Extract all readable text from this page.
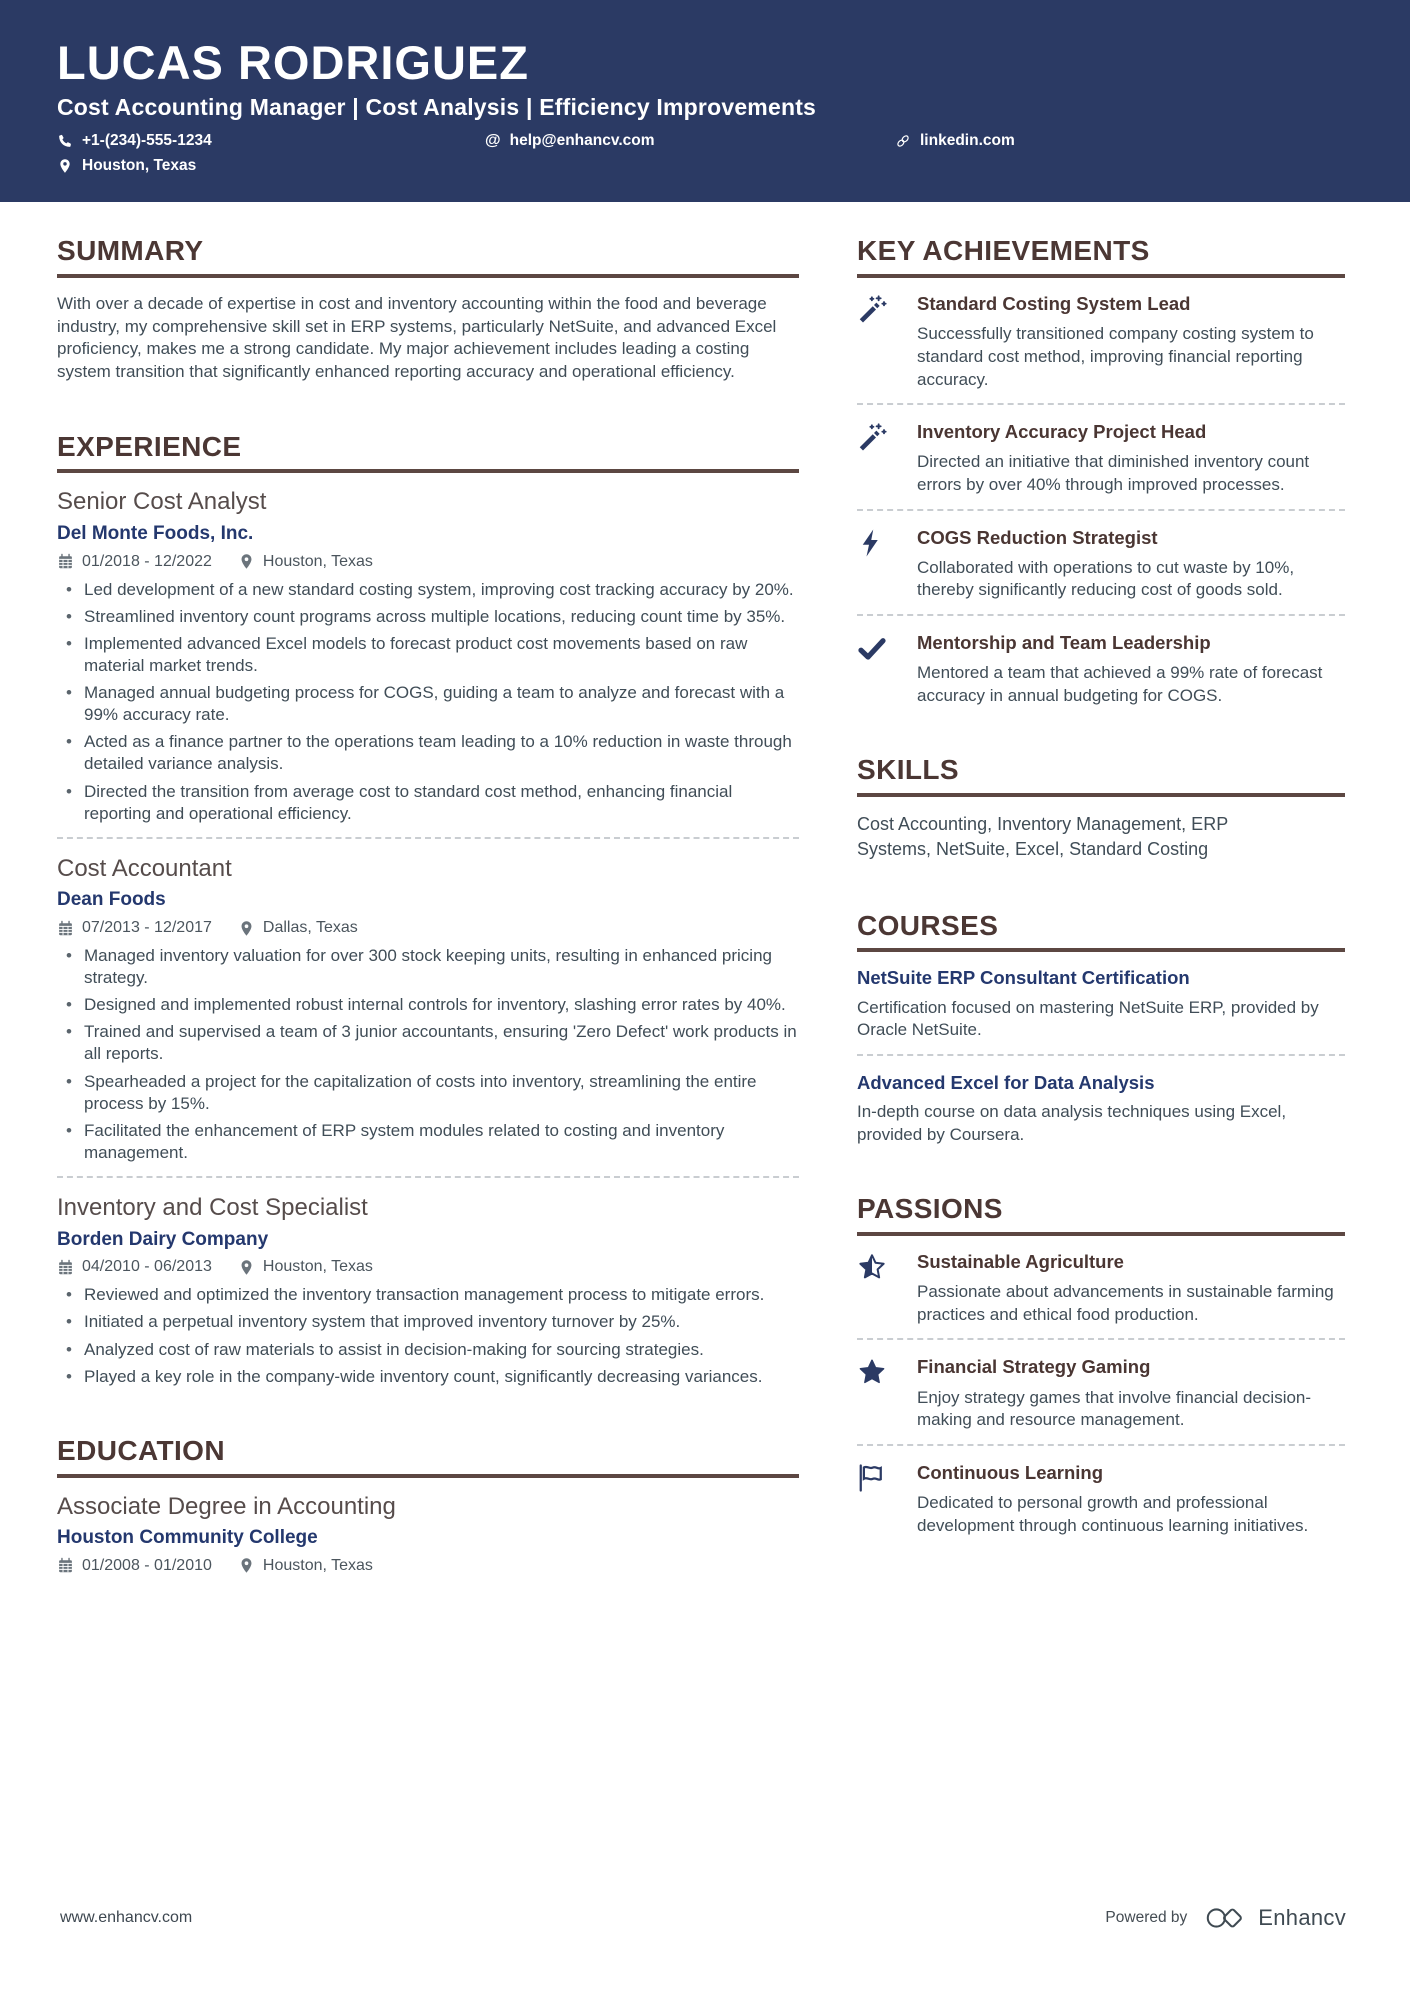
LUCAS RODRIGUEZ
Cost Accounting Manager | Cost Analysis | Efficiency Improvements
+1-(234)-555-1234	@ help@enhancv.com	linkedin.com
Houston, Texas
SUMMARY
With over a decade of expertise in cost and inventory accounting within the food and beverage industry, my comprehensive skill set in ERP systems, particularly NetSuite, and advanced Excel proficiency, makes me a strong candidate. My major achievement includes leading a costing system transition that significantly enhanced reporting accuracy and operational efficiency.
EXPERIENCE
Senior Cost Analyst
Del Monte Foods, Inc.
01/2018 - 12/2022	Houston, Texas
• Led development of a new standard costing system, improving cost tracking accuracy by 20%.
• Streamlined inventory count programs across multiple locations, reducing count time by 35%.
• Implemented advanced Excel models to forecast product cost movements based on raw material market trends.
• Managed annual budgeting process for COGS, guiding a team to analyze and forecast with a 99% accuracy rate.
• Acted as a finance partner to the operations team leading to a 10% reduction in waste through detailed variance analysis.
• Directed the transition from average cost to standard cost method, enhancing financial reporting and operational efficiency.
Cost Accountant
Dean Foods
07/2013 - 12/2017	Dallas, Texas
• Managed inventory valuation for over 300 stock keeping units, resulting in enhanced pricing strategy.
• Designed and implemented robust internal controls for inventory, slashing error rates by 40%.
• Trained and supervised a team of 3 junior accountants, ensuring 'Zero Defect' work products in all reports.
• Spearheaded a project for the capitalization of costs into inventory, streamlining the entire process by 15%.
• Facilitated the enhancement of ERP system modules related to costing and inventory management.
Inventory and Cost Specialist
Borden Dairy Company
04/2010 - 06/2013	Houston, Texas
• Reviewed and optimized the inventory transaction management process to mitigate errors.
• Initiated a perpetual inventory system that improved inventory turnover by 25%.
• Analyzed cost of raw materials to assist in decision-making for sourcing strategies.
• Played a key role in the company-wide inventory count, significantly decreasing variances.
EDUCATION
Associate Degree in Accounting
Houston Community College
01/2008 - 01/2010	Houston, Texas
KEY ACHIEVEMENTS
Standard Costing System Lead
Successfully transitioned company costing system to standard cost method, improving financial reporting accuracy.
Inventory Accuracy Project Head
Directed an initiative that diminished inventory count errors by over 40% through improved processes.
COGS Reduction Strategist
Collaborated with operations to cut waste by 10%, thereby significantly reducing cost of goods sold.
Mentorship and Team Leadership
Mentored a team that achieved a 99% rate of forecast accuracy in annual budgeting for COGS.
SKILLS
Cost Accounting, Inventory Management, ERP Systems, NetSuite, Excel, Standard Costing
COURSES
NetSuite ERP Consultant Certification
Certification focused on mastering NetSuite ERP, provided by Oracle NetSuite.
Advanced Excel for Data Analysis
In-depth course on data analysis techniques using Excel, provided by Coursera.
PASSIONS
Sustainable Agriculture
Passionate about advancements in sustainable farming practices and ethical food production.
Financial Strategy Gaming
Enjoy strategy games that involve financial decision-making and resource management.
Continuous Learning
Dedicated to personal growth and professional development through continuous learning initiatives.
www.enhancv.com	Powered by	Enhancv
